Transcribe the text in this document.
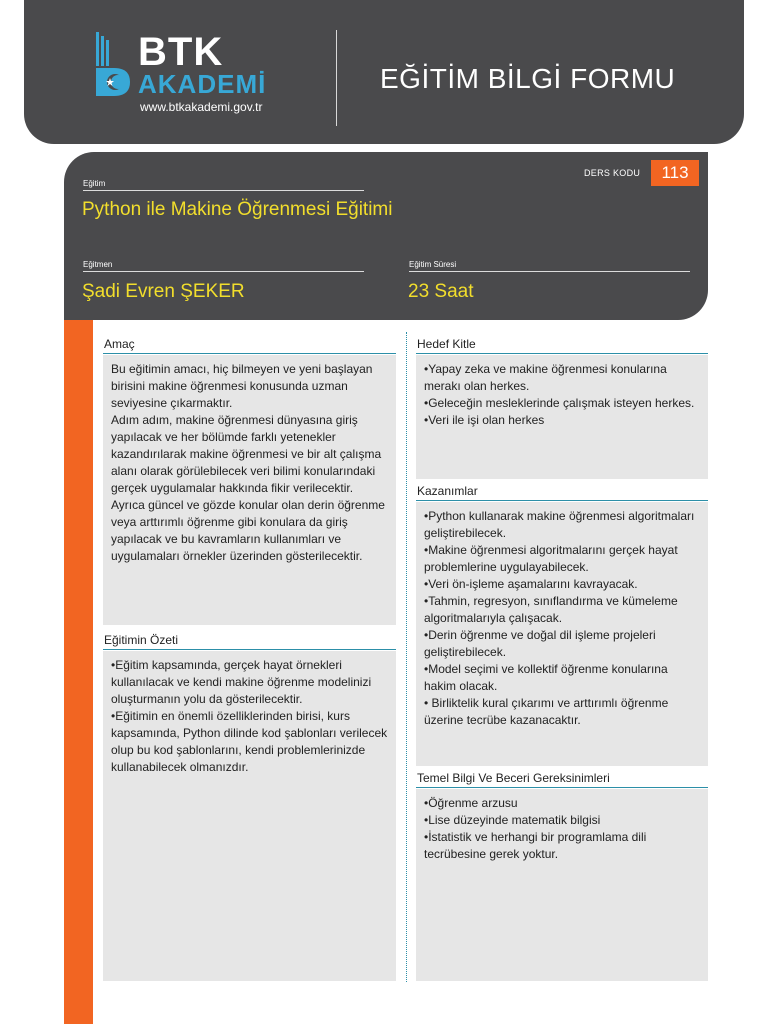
BTK
AKADEMİ
www.btkakademi.gov.tr
EĞİTİM BİLGİ FORMU
DERS KODU	113
Eğitim
Python ile Makine Öğrenmesi Eğitimi
Eğitmen
Şadi Evren ŞEKER
Eğitim Süresi
23 Saat
Amaç

Bu eğitimin amacı, hiç bilmeyen ve yeni başlayan birisini makine öğrenmesi konusunda uzman seviyesine çıkarmaktır.

Adım adım, makine öğrenmesi dünyasına giriş yapılacak ve her bölümde farklı yetenekler kazandırılarak makine öğrenmesi ve bir alt çalışma alanı olarak görülebilecek veri bilimi konularındaki gerçek uygulamalar hakkında fikir verilecektir.

Ayrıca güncel ve gözde konular olan derin öğrenme veya arttırımlı öğrenme gibi konulara da giriş yapılacak ve bu kavramların kullanımları ve uygulamaları örnekler üzerinden gösterilecektir.

Eğitimin Özeti

•Eğitim kapsamında, gerçek hayat örnekleri kullanılacak ve kendi makine öğrenme modelinizi oluşturmanın yolu da gösterilecektir.

•Eğitimin en önemli özelliklerinden birisi, kurs kapsamında, Python dilinde kod şablonları verilecek olup bu kod şablonlarını, kendi problemlerinizde kullanabilecek olmanızdır.

Hedef Kitle

•Yapay zeka ve makine öğrenmesi konularına merakı olan herkes.

•Geleceğin mesleklerinde çalışmak isteyen herkes.

•Veri ile işi olan herkes

Kazanımlar

•Python kullanarak makine öğrenmesi algoritmaları geliştirebilecek.

•Makine öğrenmesi algoritmalarını gerçek hayat problemlerine uygulayabilecek.

•Veri ön-işleme aşamalarını kavrayacak.

•Tahmin, regresyon, sınıflandırma ve kümeleme algoritmalarıyla çalışacak.

•Derin öğrenme ve doğal dil işleme projeleri geliştirebilecek.

•Model seçimi ve kollektif öğrenme konularına hakim olacak.

• Birliktelik kural çıkarımı ve arttırımlı öğrenme üzerine tecrübe kazanacaktır.

Temel Bilgi Ve Beceri Gereksinimleri

•Öğrenme arzusu

•Lise düzeyinde matematik bilgisi

•İstatistik ve herhangi bir programlama dili tecrübesine gerek yoktur.
